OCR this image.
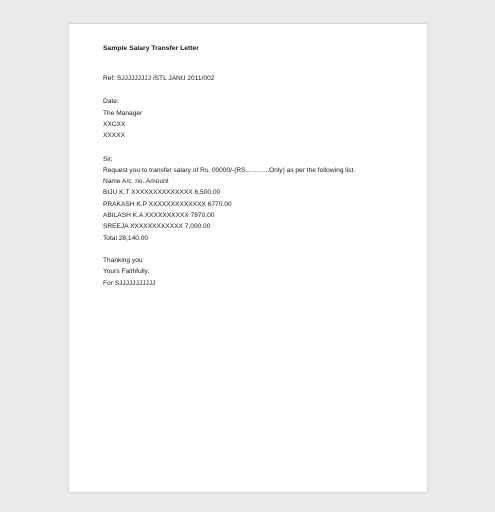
Sample Salary Transfer Letter
Ref: SJJJJJJJJJ /STL JANU 2011/002
Date:
The Manager
XXCXX
XXXXX
Sir,
Request you to transfer salary of Rs. 00000/-(RS………..Only) as per the following list.
Name A/c. no. Amount
BIJU K.T XXXXXXXXXXXXXX 6,500.00
PRAKASH K.P XXXXXXXXXXXXX 6770.00
ABILASH K.A XXXXXXXXXX 7870.00
SREEJA XXXXXXXXXXXX 7,000.00
Total 28,140.00
Thanking you
Yours Faithfully,
For SJJJJJJJJJJJ
